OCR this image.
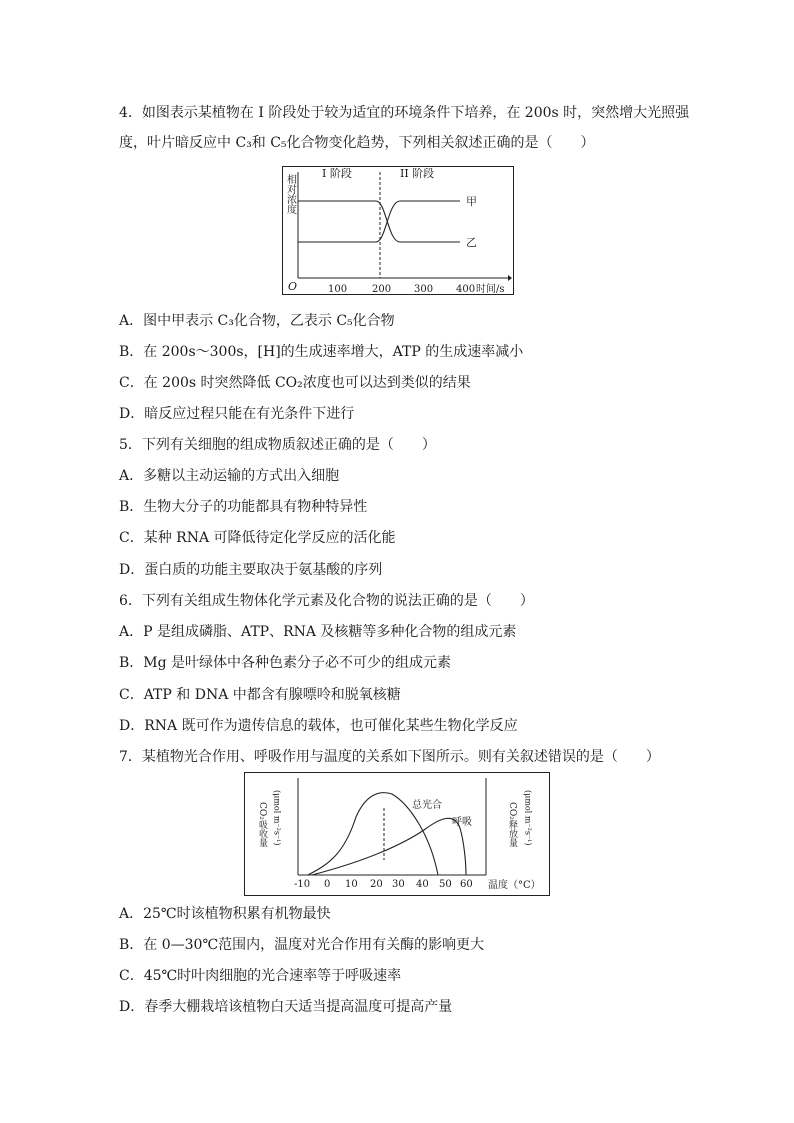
4．如图表示某植物在 I 阶段处于较为适宜的环境条件下培养，在 200s 时，突然增大光照强
度，叶片暗反应中 C₃和 C₅化合物变化趋势，下列相关叙述正确的是（　　）
相对浓度
I 阶段	II 阶段
甲
乙
O	100 200 300 400 时间/s
A．图中甲表示 C₃化合物，乙表示 C₅化合物
B．在 200s～300s，[H]的生成速率增大，ATP 的生成速率减小
C．在 200s 时突然降低 CO₂浓度也可以达到类似的结果
D．暗反应过程只能在有光条件下进行
5．下列有关细胞的组成物质叙述正确的是（　　）
A．多糖以主动运输的方式出入细胞
B．生物大分子的功能都具有物种特异性
C．某种 RNA 可降低待定化学反应的活化能
D．蛋白质的功能主要取决于氨基酸的序列
6．下列有关组成生物体化学元素及化合物的说法正确的是（　　）
A．P 是组成磷脂、ATP、RNA 及核糖等多种化合物的组成元素
B．Mg 是叶绿体中各种色素分子必不可少的组成元素
C．ATP 和 DNA 中都含有腺嘌呤和脱氧核糖
D．RNA 既可作为遗传信息的载体，也可催化某些生物化学反应
7．某植物光合作用、呼吸作用与温度的关系如下图所示。则有关叙述错误的是（　　）
CO₂吸收量 (μmol m⁻²s⁻¹)	CO₂释放量 (μmol m⁻²s⁻¹)
总光合
呼吸
-10 0 10 20 30 40 50 60 温度（°C）
A．25℃时该植物积累有机物最快
B．在 0—30℃范围内，温度对光合作用有关酶的影响更大
C．45℃时叶肉细胞的光合速率等于呼吸速率
D．春季大棚栽培该植物白天适当提高温度可提高产量
